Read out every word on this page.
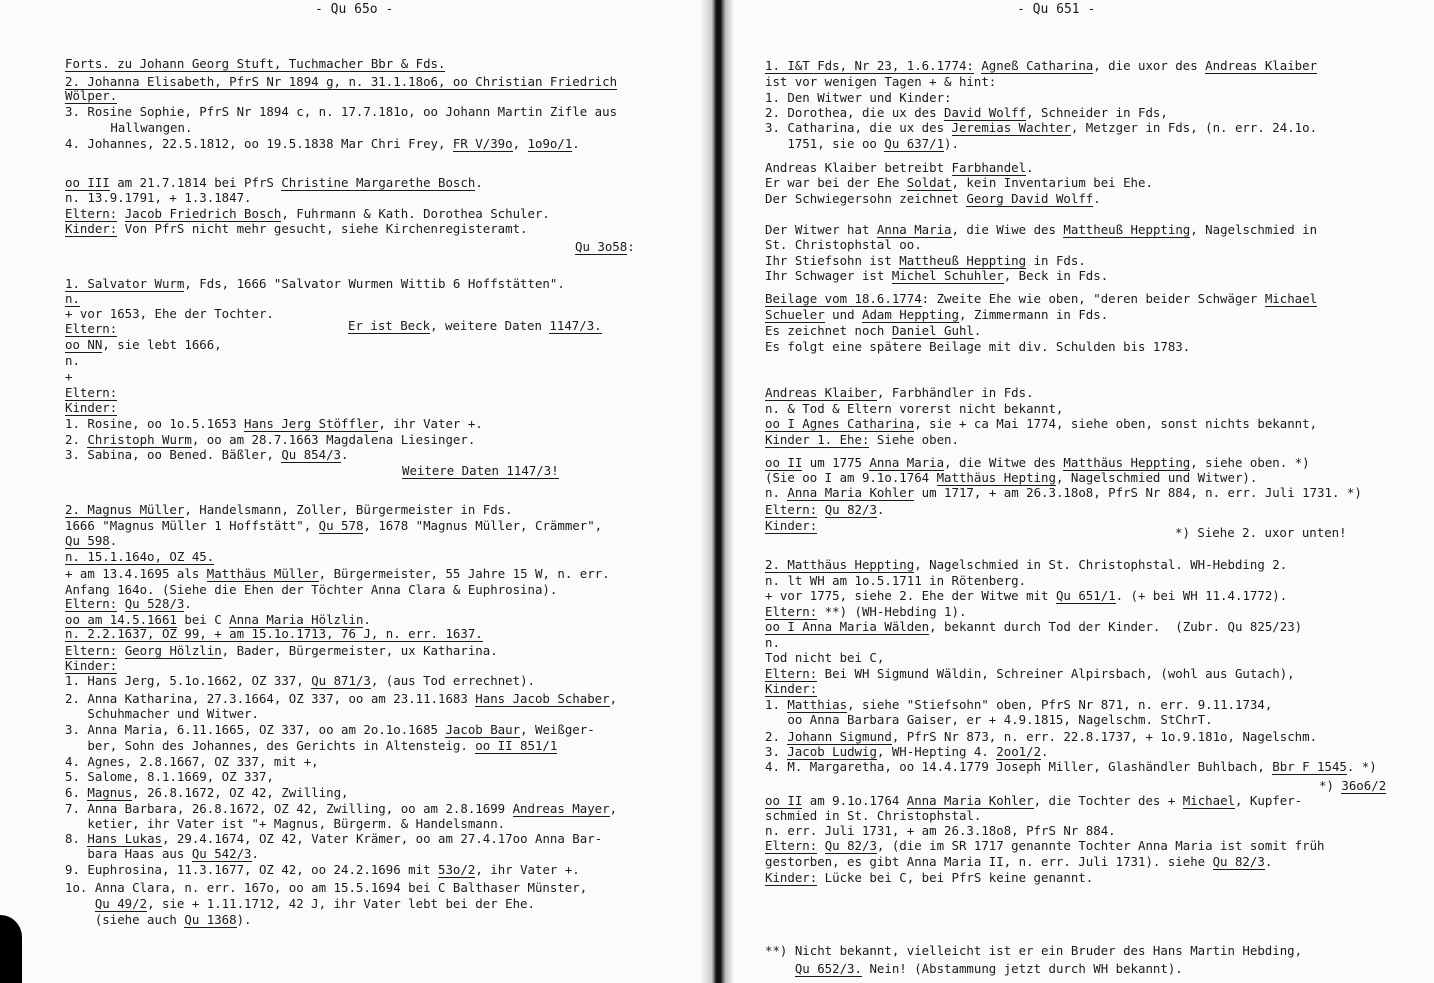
- Qu 65o -
Forts. zu Johann Georg Stuft, Tuchmacher Bbr & Fds.
2. Johanna Elisabeth, PfrS Nr 1894 g, n. 31.1.18o6, oo Christian Friedrich
Wölper.
3. Rosine Sophie, PfrS Nr 1894 c, n. 17.7.181o, oo Johann Martin Zifle aus
Hallwangen.
4. Johannes, 22.5.1812, oo 19.5.1838 Mar Chri Frey, FR V/39o, 1o9o/1.
oo III am 21.7.1814 bei PfrS Christine Margarethe Bosch.
n. 13.9.1791, + 1.3.1847.
Eltern: Jacob Friedrich Bosch, Fuhrmann & Kath. Dorothea Schuler.
Kinder: Von PfrS nicht mehr gesucht, siehe Kirchenregisteramt.
Qu 3o58:
1. Salvator Wurm, Fds, 1666 "Salvator Wurmen Wittib 6 Hoffstätten".
n.
+ vor 1653, Ehe der Tochter.
Er ist Beck, weitere Daten 1147/3.
Eltern:
oo NN, sie lebt 1666,
n.
+
Eltern:
Kinder:
1. Rosine, oo 1o.5.1653 Hans Jerg Stöffler, ihr Vater +.
2. Christoph Wurm, oo am 28.7.1663 Magdalena Liesinger.
3. Sabina, oo Bened. Bäßler, Qu 854/3.
Weitere Daten 1147/3!
2. Magnus Müller, Handelsmann, Zoller, Bürgermeister in Fds.
1666 "Magnus Müller 1 Hoffstätt", Qu 578, 1678 "Magnus Müller, Crämmer",
Qu 598.
n. 15.1.164o, OZ 45.
+ am 13.4.1695 als Matthäus Müller, Bürgermeister, 55 Jahre 15 W, n. err.
Anfang 164o. (Siehe die Ehen der Töchter Anna Clara & Euphrosina).
Eltern: Qu 528/3.
oo am 14.5.1661 bei C Anna Maria Hölzlin.
n. 2.2.1637, OZ 99, + am 15.1o.1713, 76 J, n. err. 1637.
Eltern: Georg Hölzlin, Bader, Bürgermeister, ux Katharina.
Kinder:
1. Hans Jerg, 5.1o.1662, OZ 337, Qu 871/3, (aus Tod errechnet).
2. Anna Katharina, 27.3.1664, OZ 337, oo am 23.11.1683 Hans Jacob Schaber,
Schuhmacher und Witwer.
3. Anna Maria, 6.11.1665, OZ 337, oo am 2o.1o.1685 Jacob Baur, Weißger-
ber, Sohn des Johannes, des Gerichts in Altensteig. oo II 851/1
4. Agnes, 2.8.1667, OZ 337, mit +,
5. Salome, 8.1.1669, OZ 337,
6. Magnus, 26.8.1672, OZ 42, Zwilling,
7. Anna Barbara, 26.8.1672, OZ 42, Zwilling, oo am 2.8.1699 Andreas Mayer,
ketier, ihr Vater ist "+ Magnus, Bürgerm. & Handelsmann.
8. Hans Lukas, 29.4.1674, OZ 42, Vater Krämer, oo am 27.4.17oo Anna Bar-
bara Haas aus Qu 542/3.
9. Euphrosina, 11.3.1677, OZ 42, oo 24.2.1696 mit 53o/2, ihr Vater +.
1o. Anna Clara, n. err. 167o, oo am 15.5.1694 bei C Balthaser Münster,
Qu 49/2, sie + 1.11.1712, 42 J, ihr Vater lebt bei der Ehe.
(siehe auch Qu 1368).
- Qu 651 -
1. I&T Fds, Nr 23, 1.6.1774: Agneß Catharina, die uxor des Andreas Klaiber
ist vor wenigen Tagen + & hint:
1. Den Witwer und Kinder:
2. Dorothea, die ux des David Wolff, Schneider in Fds,
3. Catharina, die ux des Jeremias Wachter, Metzger in Fds, (n. err. 24.1o.
1751, sie oo Qu 637/1).
Andreas Klaiber betreibt Farbhandel.
Er war bei der Ehe Soldat, kein Inventarium bei Ehe.
Der Schwiegersohn zeichnet Georg David Wolff.
Der Witwer hat Anna Maria, die Wiwe des Mattheuß Heppting, Nagelschmied in
St. Christophstal oo.
Ihr Stiefsohn ist Mattheuß Heppting in Fds.
Ihr Schwager ist Michel Schuhler, Beck in Fds.
Beilage vom 18.6.1774: Zweite Ehe wie oben, "deren beider Schwäger Michael
Schueler und Adam Heppting, Zimmermann in Fds.
Es zeichnet noch Daniel Guhl.
Es folgt eine spätere Beilage mit div. Schulden bis 1783.
Andreas Klaiber, Farbhändler in Fds.
n. & Tod & Eltern vorerst nicht bekannt,
oo I Agnes Catharina, sie + ca Mai 1774, siehe oben, sonst nichts bekannt,
Kinder 1. Ehe: Siehe oben.
oo II um 1775 Anna Maria, die Witwe des Matthäus Heppting, siehe oben. *)
(Sie oo I am 9.1o.1764 Matthäus Hepting, Nagelschmied und Witwer).
n. Anna Maria Kohler um 1717, + am 26.3.18o8, PfrS Nr 884, n. err. Juli 1731. *)
Eltern: Qu 82/3.
Kinder:	*) Siehe 2. uxor unten!
2. Matthäus Heppting, Nagelschmied in St. Christophstal. WH-Hebding 2.
n. lt WH am 1o.5.1711 in Rötenberg.
+ vor 1775, siehe 2. Ehe der Witwe mit Qu 651/1. (+ bei WH 11.4.1772).
Eltern: **) (WH-Hebding 1).
oo I Anna Maria Wälden, bekannt durch Tod der Kinder.  (Zubr. Qu 825/23)
n.
Tod nicht bei C,
Eltern: Bei WH Sigmund Wäldin, Schreiner Alpirsbach, (wohl aus Gutach),
Kinder:
1. Matthias, siehe "Stiefsohn" oben, PfrS Nr 871, n. err. 9.11.1734,
oo Anna Barbara Gaiser, er + 4.9.1815, Nagelschm. StChrT.
2. Johann Sigmund, PfrS Nr 873, n. err. 22.8.1737, + 1o.9.181o, Nagelschm.
3. Jacob Ludwig, WH-Hepting 4. 2oo1/2.
4. M. Margaretha, oo 14.4.1779 Joseph Miller, Glashändler Buhlbach, Bbr F 1545. *)
*) 36o6/2
oo II am 9.1o.1764 Anna Maria Kohler, die Tochter des + Michael, Kupfer-
schmied in St. Christophstal.
n. err. Juli 1731, + am 26.3.18o8, PfrS Nr 884.
Eltern: Qu 82/3, (die im SR 1717 genannte Tochter Anna Maria ist somit früh
gestorben, es gibt Anna Maria II, n. err. Juli 1731). siehe Qu 82/3.
Kinder: Lücke bei C, bei PfrS keine genannt.
**) Nicht bekannt, vielleicht ist er ein Bruder des Hans Martin Hebding,
Qu 652/3. Nein! (Abstammung jetzt durch WH bekannt).
